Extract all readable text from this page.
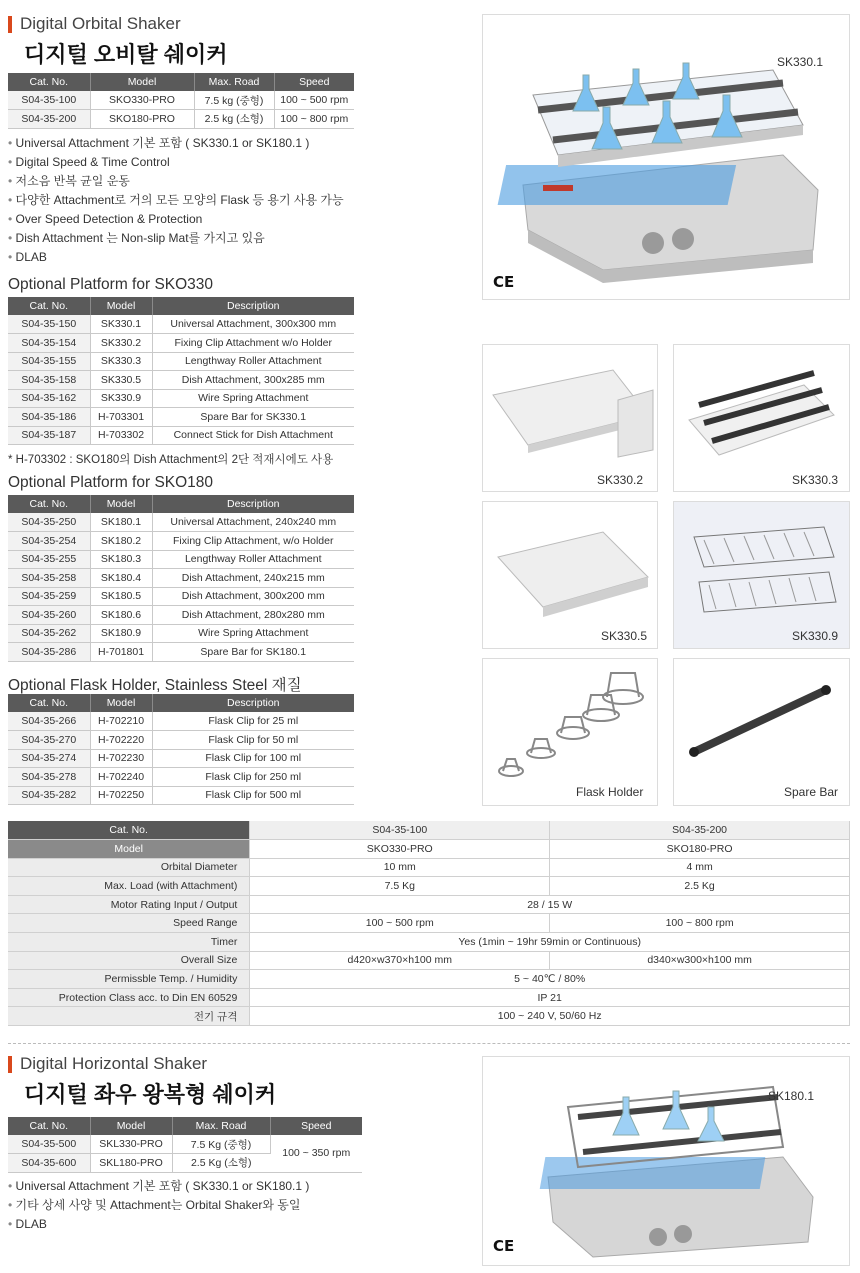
Digital Orbital Shaker
디지털 오비탈 쉐이커
Cat. No.	Model	Max. Road	Speed
S04-35-100	SKO330-PRO	7.5 kg (중형)	100 ~ 500 rpm
S04-35-200	SKO180-PRO	2.5 kg (소형)	100 ~ 800 rpm
• Universal Attachment 기본 포함 ( SK330.1 or SK180.1 )
• Digital Speed & Time Control
• 저소음 반복 균일 운동
• 다양한 Attachment로 거의 모든 모양의 Flask 등 용기 사용 가능
• Over Speed Detection & Protection
• Dish Attachment 는 Non-slip Mat를 가지고 있음
• DLAB
SK330.1
CE
Optional Platform for SKO330
Cat. No.	Model	Description
S04-35-150	SK330.1	Universal Attachment, 300x300 mm
S04-35-154	SK330.2	Fixing Clip Attachment w/o Holder
S04-35-155	SK330.3	Lengthway Roller Attachment
S04-35-158	SK330.5	Dish Attachment, 300x285 mm
S04-35-162	SK330.9	Wire Spring Attachment
S04-35-186	H-703301	Spare Bar for SK330.1
S04-35-187	H-703302	Connect Stick for Dish Attachment
* H-703302 : SKO180의 Dish Attachment의 2단 적재시에도 사용
Optional Platform for SKO180
Cat. No.	Model	Description
S04-35-250	SK180.1	Universal Attachment, 240x240 mm
S04-35-254	SK180.2	Fixing Clip Attachment, w/o Holder
S04-35-255	SK180.3	Lengthway Roller Attachment
S04-35-258	SK180.4	Dish Attachment, 240x215 mm
S04-35-259	SK180.5	Dish Attachment, 300x200 mm
S04-35-260	SK180.6	Dish Attachment, 280x280 mm
S04-35-262	SK180.9	Wire Spring Attachment
S04-35-286	H-701801	Spare Bar for SK180.1
Optional Flask Holder, Stainless Steel 재질
Cat. No.	Model	Description
S04-35-266	H-702210	Flask Clip for 25 ml
S04-35-270	H-702220	Flask Clip for 50 ml
S04-35-274	H-702230	Flask Clip for 100 ml
S04-35-278	H-702240	Flask Clip for 250 ml
S04-35-282	H-702250	Flask Clip for 500 ml
SK330.2	SK330.3
SK330.5	SK330.9
Flask Holder	Spare Bar
Cat. No.	S04-35-100	S04-35-200
Model	SKO330-PRO	SKO180-PRO
Orbital Diameter	10 mm	4 mm
Max. Load (with Attachment)	7.5 Kg	2.5 Kg
Motor Rating Input / Output	28 / 15 W	
Speed Range	100 ~ 500 rpm	100 ~ 800 rpm
Timer	Yes (1min ~ 19hr 59min or Continuous)	
Overall Size	d420×w370×h100 mm	d340×w300×h100 mm
Permissble Temp. / Humidity	5 ~ 40℃ / 80%	
Protection Class acc. to Din EN 60529	IP 21	
전기 규격	100 ~ 240 V, 50/60 Hz	
Digital Horizontal Shaker
디지털 좌우 왕복형 쉐이커
Cat. No.	Model	Max. Road	Speed
S04-35-500	SKL330-PRO	7.5 Kg (중형)	100 ~ 350 rpm
S04-35-600	SKL180-PRO	2.5 Kg (소형)	
• Universal Attachment 기본 포함 ( SK330.1 or SK180.1 )
• 기타 상세 사양 및 Attachment는 Orbital Shaker와 동일
• DLAB
SK180.1
CE
